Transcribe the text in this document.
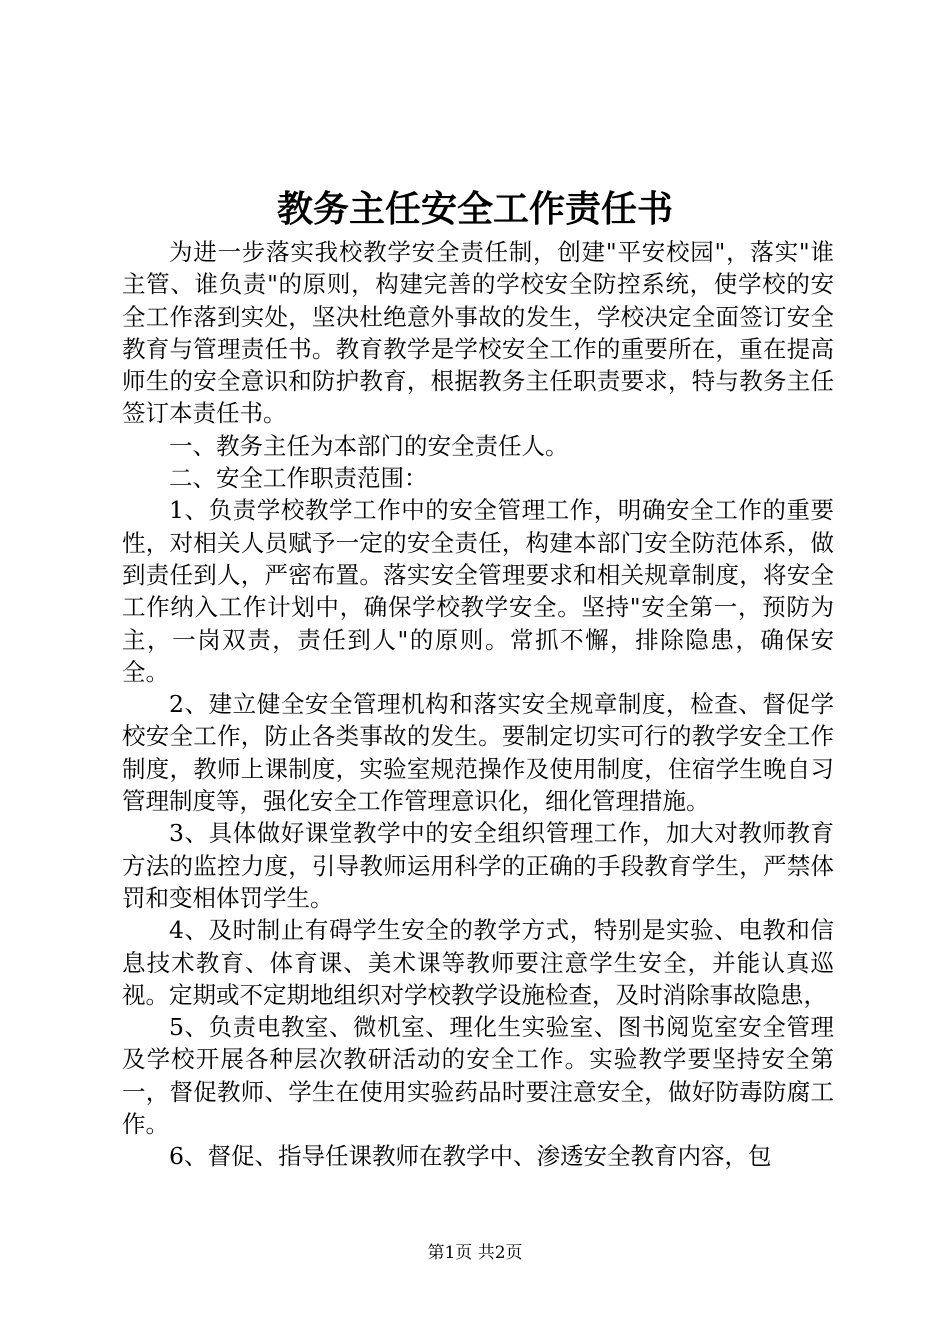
教务主任安全工作责任书

为进一步落实我校教学安全责任制，创建"平安校园"，落实"谁主管、谁负责"的原则，构建完善的学校安全防控系统，使学校的安全工作落到实处，坚决杜绝意外事故的发生，学校决定全面签订安全教育与管理责任书。教育教学是学校安全工作的重要所在，重在提高师生的安全意识和防护教育，根据教务主任职责要求，特与教务主任签订本责任书。

一、教务主任为本部门的安全责任人。

二、安全工作职责范围：

1、负责学校教学工作中的安全管理工作，明确安全工作的重要性，对相关人员赋予一定的安全责任，构建本部门安全防范体系，做到责任到人，严密布置。落实安全管理要求和相关规章制度，将安全工作纳入工作计划中，确保学校教学安全。坚持"安全第一，预防为主，一岗双责，责任到人"的原则。常抓不懈，排除隐患，确保安全。

2、建立健全安全管理机构和落实安全规章制度，检查、督促学校安全工作，防止各类事故的发生。要制定切实可行的教学安全工作制度，教师上课制度，实验室规范操作及使用制度，住宿学生晚自习管理制度等，强化安全工作管理意识化，细化管理措施。

3、具体做好课堂教学中的安全组织管理工作，加大对教师教育方法的监控力度，引导教师运用科学的正确的手段教育学生，严禁体罚和变相体罚学生。

4、及时制止有碍学生安全的教学方式，特别是实验、电教和信息技术教育、体育课、美术课等教师要注意学生安全，并能认真巡视。定期或不定期地组织对学校教学设施检查，及时消除事故隐患，

5、负责电教室、微机室、理化生实验室、图书阅览室安全管理及学校开展各种层次教研活动的安全工作。实验教学要坚持安全第一，督促教师、学生在使用实验药品时要注意安全，做好防毒防腐工作。

6、督促、指导任课教师在教学中、渗透安全教育内容，包

第1页 共2页
